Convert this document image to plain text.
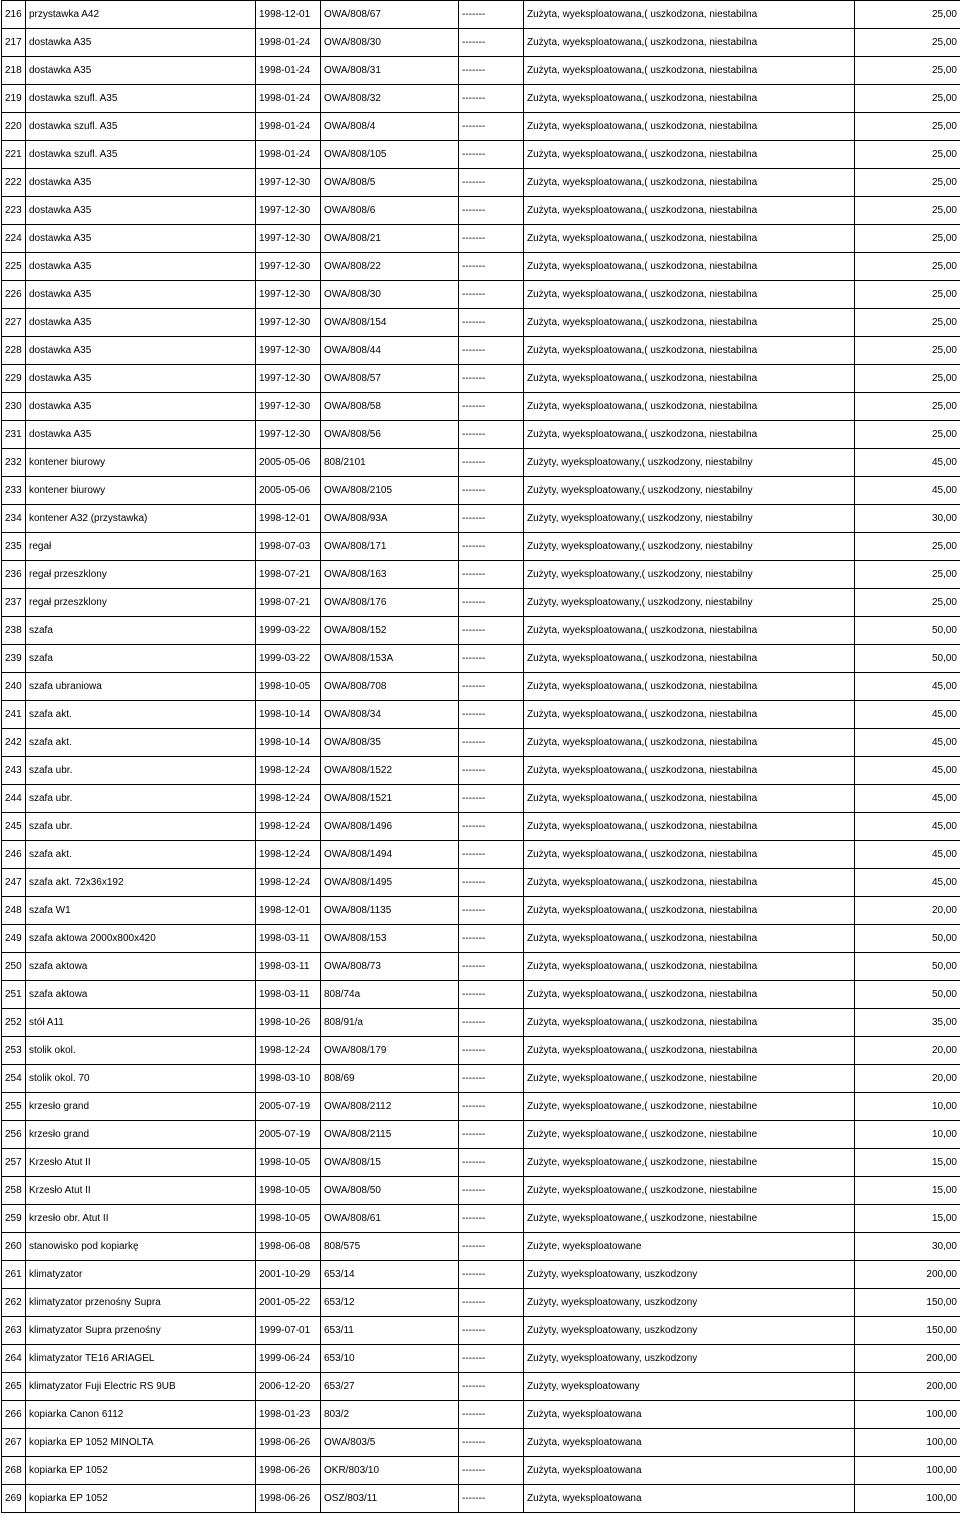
216	przystawka A42	1998-12-01	OWA/808/67	-------	Zużyta, wyeksploatowana,( uszkodzona, niestabilna	25,00
217	dostawka A35	1998-01-24	OWA/808/30	-------	Zużyta, wyeksploatowana,( uszkodzona, niestabilna	25,00
218	dostawka A35	1998-01-24	OWA/808/31	-------	Zużyta, wyeksploatowana,( uszkodzona, niestabilna	25,00
219	dostawka szufl. A35	1998-01-24	OWA/808/32	-------	Zużyta, wyeksploatowana,( uszkodzona, niestabilna	25,00
220	dostawka szufl. A35	1998-01-24	OWA/808/4	-------	Zużyta, wyeksploatowana,( uszkodzona, niestabilna	25,00
221	dostawka szufl. A35	1998-01-24	OWA/808/105	-------	Zużyta, wyeksploatowana,( uszkodzona, niestabilna	25,00
222	dostawka A35	1997-12-30	OWA/808/5	-------	Zużyta, wyeksploatowana,( uszkodzona, niestabilna	25,00
223	dostawka A35	1997-12-30	OWA/808/6	-------	Zużyta, wyeksploatowana,( uszkodzona, niestabilna	25,00
224	dostawka A35	1997-12-30	OWA/808/21	-------	Zużyta, wyeksploatowana,( uszkodzona, niestabilna	25,00
225	dostawka A35	1997-12-30	OWA/808/22	-------	Zużyta, wyeksploatowana,( uszkodzona, niestabilna	25,00
226	dostawka A35	1997-12-30	OWA/808/30	-------	Zużyta, wyeksploatowana,( uszkodzona, niestabilna	25,00
227	dostawka A35	1997-12-30	OWA/808/154	-------	Zużyta, wyeksploatowana,( uszkodzona, niestabilna	25,00
228	dostawka A35	1997-12-30	OWA/808/44	-------	Zużyta, wyeksploatowana,( uszkodzona, niestabilna	25,00
229	dostawka A35	1997-12-30	OWA/808/57	-------	Zużyta, wyeksploatowana,( uszkodzona, niestabilna	25,00
230	dostawka A35	1997-12-30	OWA/808/58	-------	Zużyta, wyeksploatowana,( uszkodzona, niestabilna	25,00
231	dostawka A35	1997-12-30	OWA/808/56	-------	Zużyta, wyeksploatowana,( uszkodzona, niestabilna	25,00
232	kontener biurowy	2005-05-06	808/2101	-------	Zużyty, wyeksploatowany,( uszkodzony, niestabilny	45,00
233	kontener biurowy	2005-05-06	OWA/808/2105	-------	Zużyty, wyeksploatowany,( uszkodzony, niestabilny	45,00
234	kontener A32 (przystawka)	1998-12-01	OWA/808/93A	-------	Zużyty, wyeksploatowany,( uszkodzony, niestabilny	30,00
235	regał	1998-07-03	OWA/808/171	-------	Zużyty, wyeksploatowany,( uszkodzony, niestabilny	25,00
236	regał przeszklony	1998-07-21	OWA/808/163	-------	Zużyty, wyeksploatowany,( uszkodzony, niestabilny	25,00
237	regał przeszklony	1998-07-21	OWA/808/176	-------	Zużyty, wyeksploatowany,( uszkodzony, niestabilny	25,00
238	szafa	1999-03-22	OWA/808/152	-------	Zużyta, wyeksploatowana,( uszkodzona, niestabilna	50,00
239	szafa	1999-03-22	OWA/808/153A	-------	Zużyta, wyeksploatowana,( uszkodzona, niestabilna	50,00
240	szafa ubraniowa	1998-10-05	OWA/808/708	-------	Zużyta, wyeksploatowana,( uszkodzona, niestabilna	45,00
241	szafa akt.	1998-10-14	OWA/808/34	-------	Zużyta, wyeksploatowana,( uszkodzona, niestabilna	45,00
242	szafa akt.	1998-10-14	OWA/808/35	-------	Zużyta, wyeksploatowana,( uszkodzona, niestabilna	45,00
243	szafa ubr.	1998-12-24	OWA/808/1522	-------	Zużyta, wyeksploatowana,( uszkodzona, niestabilna	45,00
244	szafa ubr.	1998-12-24	OWA/808/1521	-------	Zużyta, wyeksploatowana,( uszkodzona, niestabilna	45,00
245	szafa ubr.	1998-12-24	OWA/808/1496	-------	Zużyta, wyeksploatowana,( uszkodzona, niestabilna	45,00
246	szafa akt.	1998-12-24	OWA/808/1494	-------	Zużyta, wyeksploatowana,( uszkodzona, niestabilna	45,00
247	szafa akt. 72x36x192	1998-12-24	OWA/808/1495	-------	Zużyta, wyeksploatowana,( uszkodzona, niestabilna	45,00
248	szafa W1	1998-12-01	OWA/808/1135	-------	Zużyta, wyeksploatowana,( uszkodzona, niestabilna	20,00
249	szafa aktowa 2000x800x420	1998-03-11	OWA/808/153	-------	Zużyta, wyeksploatowana,( uszkodzona, niestabilna	50,00
250	szafa aktowa	1998-03-11	OWA/808/73	-------	Zużyta, wyeksploatowana,( uszkodzona, niestabilna	50,00
251	szafa aktowa	1998-03-11	808/74a	-------	Zużyta, wyeksploatowana,( uszkodzona, niestabilna	50,00
252	stół A11	1998-10-26	808/91/a	-------	Zużyta, wyeksploatowana,( uszkodzona, niestabilna	35,00
253	stolik okol.	1998-12-24	OWA/808/179	-------	Zużyta, wyeksploatowana,( uszkodzona, niestabilna	20,00
254	stolik okol. 70	1998-03-10	808/69	-------	Zużyte, wyeksploatowane,( uszkodzone, niestabilne	20,00
255	krzesło grand	2005-07-19	OWA/808/2112	-------	Zużyte, wyeksploatowane,( uszkodzone, niestabilne	10,00
256	krzesło grand	2005-07-19	OWA/808/2115	-------	Zużyte, wyeksploatowane,( uszkodzone, niestabilne	10,00
257	Krzesło Atut II	1998-10-05	OWA/808/15	-------	Zużyte, wyeksploatowane,( uszkodzone, niestabilne	15,00
258	Krzesło Atut II	1998-10-05	OWA/808/50	-------	Zużyte, wyeksploatowane,( uszkodzone, niestabilne	15,00
259	krzesło obr. Atut II	1998-10-05	OWA/808/61	-------	Zużyte, wyeksploatowane,( uszkodzone, niestabilne	15,00
260	stanowisko pod kopiarkę	1998-06-08	808/575	-------	Zużyte, wyeksploatowane	30,00
261	klimatyzator	2001-10-29	653/14	-------	Zużyty, wyeksploatowany, uszkodzony	200,00
262	klimatyzator przenośny Supra	2001-05-22	653/12	-------	Zużyty, wyeksploatowany, uszkodzony	150,00
263	klimatyzator Supra przenośny	1999-07-01	653/11	-------	Zużyty, wyeksploatowany, uszkodzony	150,00
264	klimatyzator TE16 ARIAGEL	1999-06-24	653/10	-------	Zużyty, wyeksploatowany, uszkodzony	200,00
265	klimatyzator Fuji Electric RS 9UB	2006-12-20	653/27	-------	Zużyty, wyeksploatowany	200,00
266	kopiarka Canon 6112	1998-01-23	803/2	-------	Zużyta, wyeksploatowana	100,00
267	kopiarka EP 1052 MINOLTA	1998-06-26	OWA/803/5	-------	Zużyta, wyeksploatowana	100,00
268	kopiarka EP 1052	1998-06-26	OKR/803/10	-------	Zużyta, wyeksploatowana	100,00
269	kopiarka EP 1052	1998-06-26	OSZ/803/11	-------	Zużyta, wyeksploatowana	100,00
